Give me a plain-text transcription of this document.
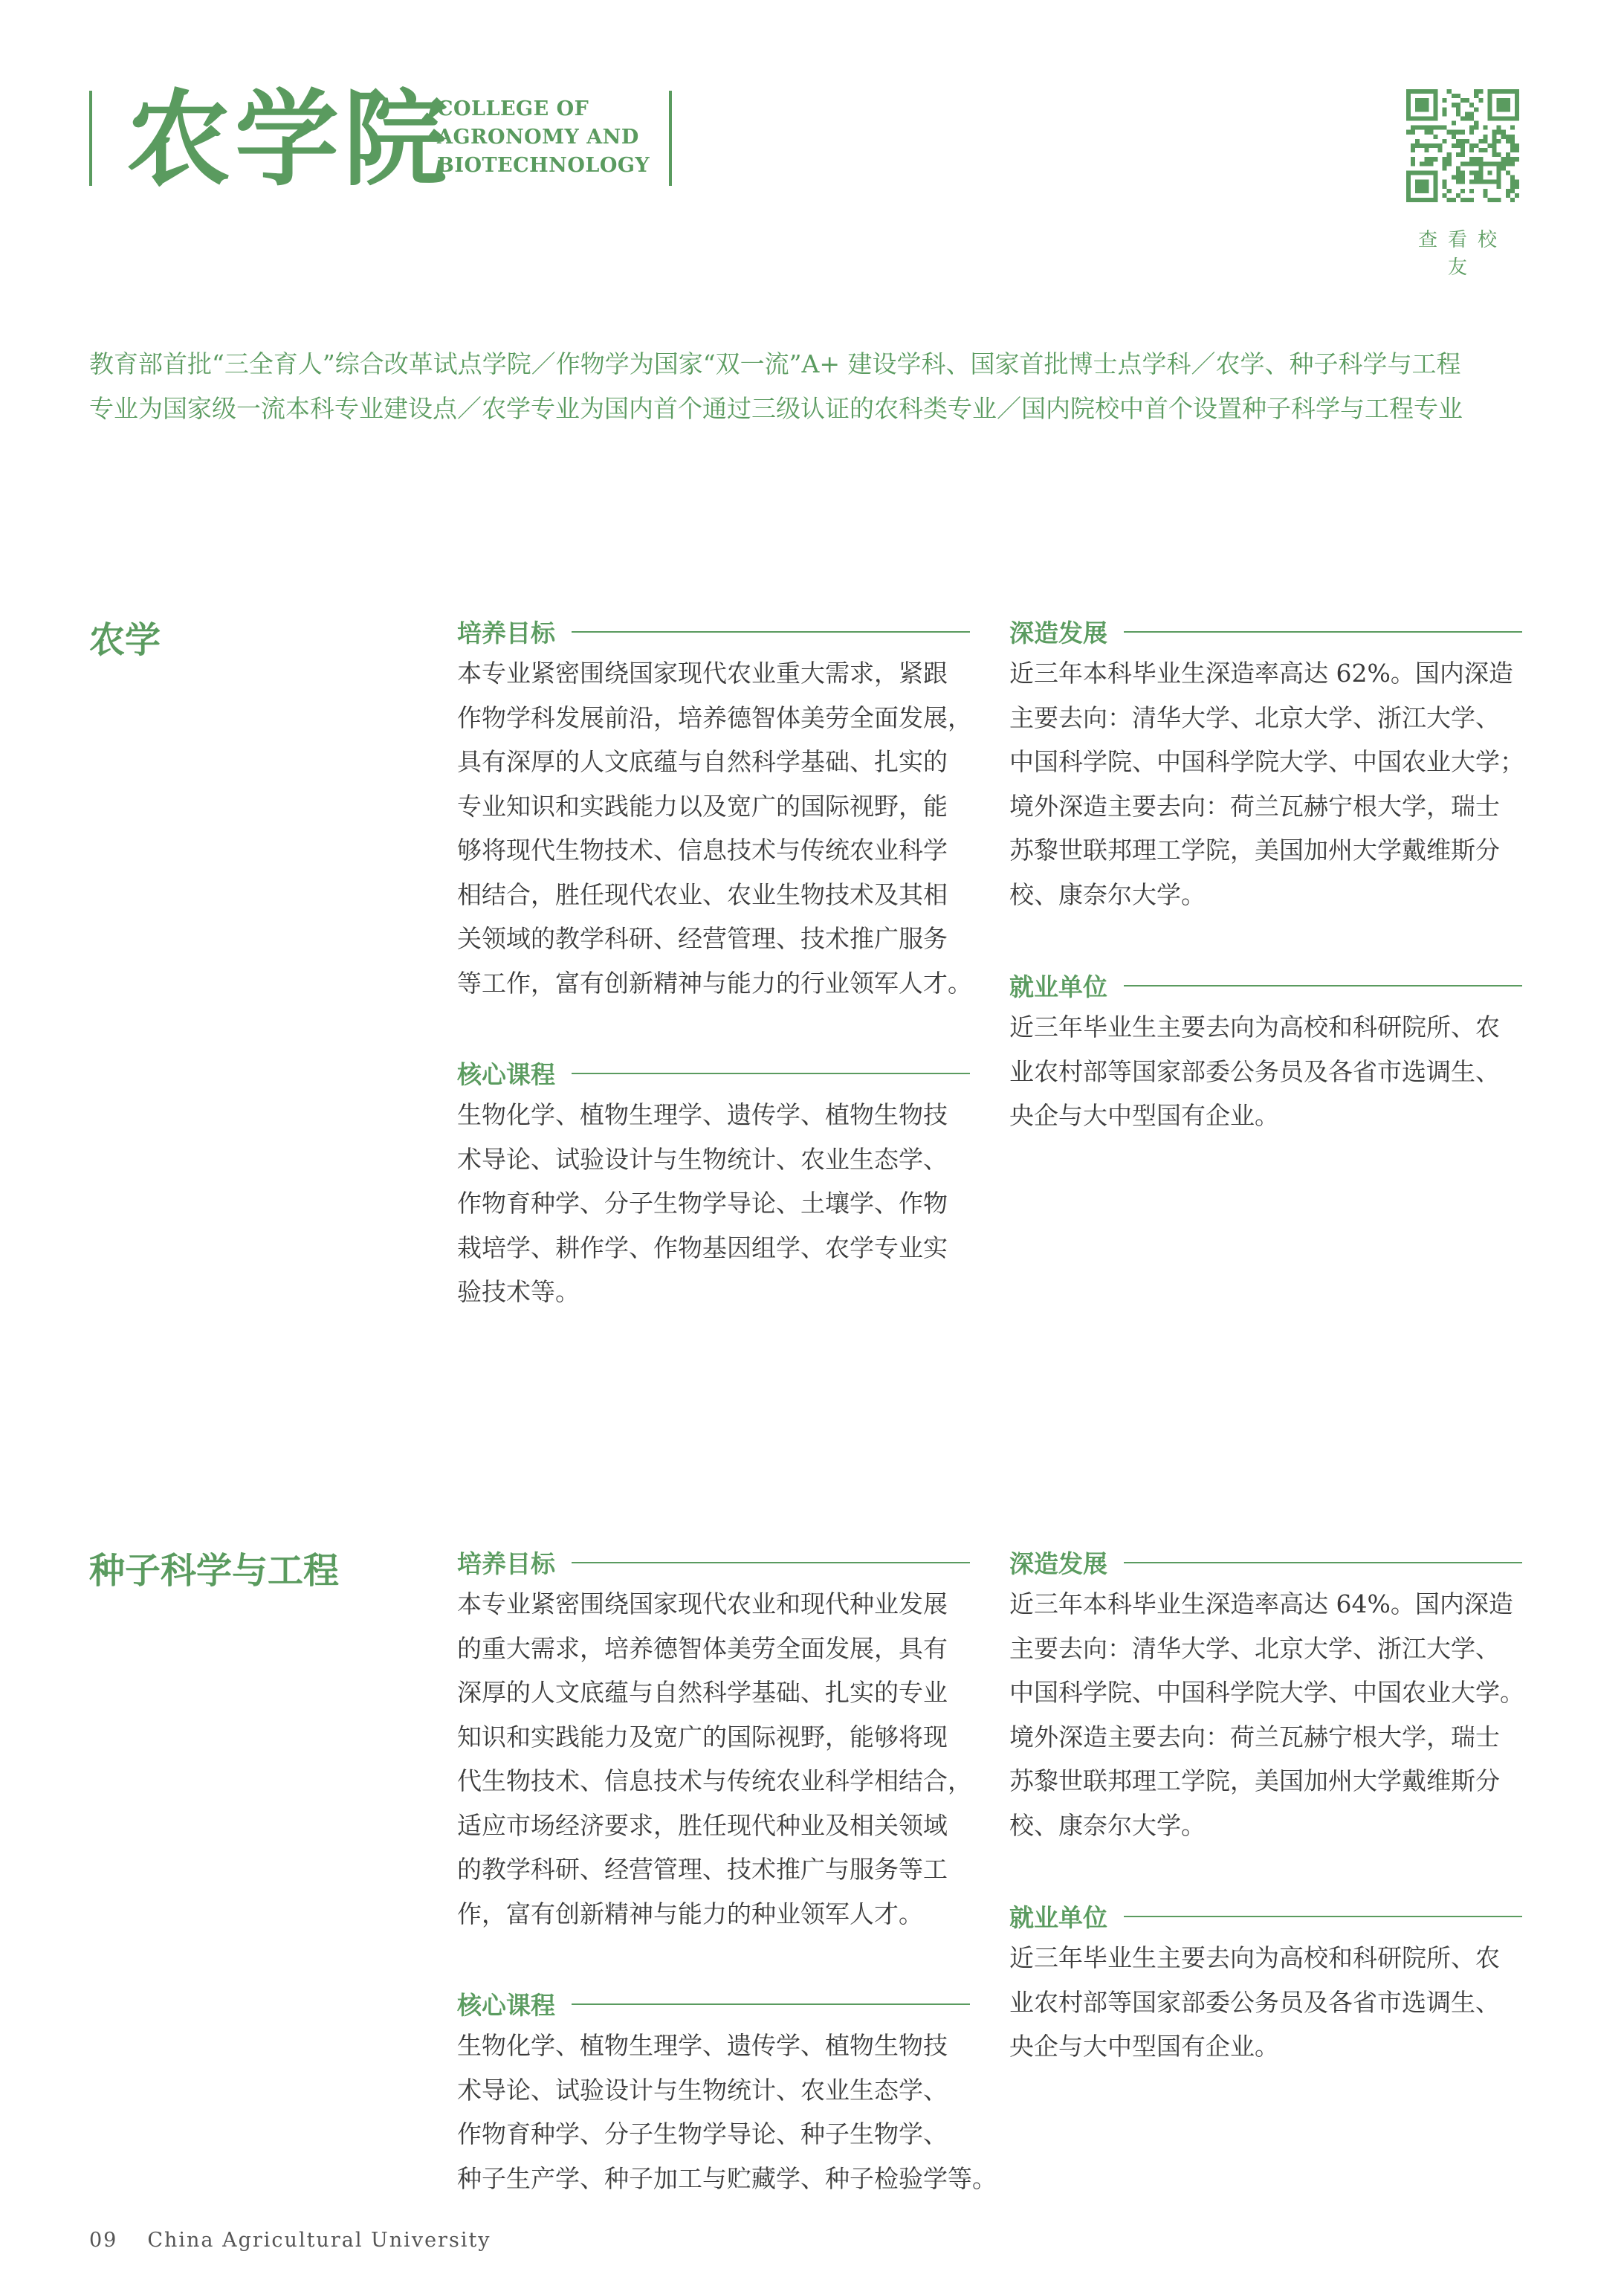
农学院
COLLEGE OF
AGRONOMY AND
BIOTECHNOLOGY
查看校友
教育部首批“三全育人”综合改革试点学院／作物学为国家“双一流”A+ 建设学科、国家首批博士点学科／农学、种子科学与工程
专业为国家级一流本科专业建设点／农学专业为国内首个通过三级认证的农科类专业／国内院校中首个设置种子科学与工程专业
农学	培养目标
本专业紧密围绕国家现代农业重大需求，紧跟
作物学科发展前沿，培养德智体美劳全面发展，
具有深厚的人文底蕴与自然科学基础、扎实的
专业知识和实践能力以及宽广的国际视野，能
够将现代生物技术、信息技术与传统农业科学
相结合，胜任现代农业、农业生物技术及其相
关领域的教学科研、经营管理、技术推广服务
等工作，富有创新精神与能力的行业领军人才。
核心课程
生物化学、植物生理学、遗传学、植物生物技
术导论、试验设计与生物统计、农业生态学、
作物育种学、分子生物学导论、土壤学、作物
栽培学、耕作学、作物基因组学、农学专业实
验技术等。
深造发展
近三年本科毕业生深造率高达 62%。国内深造
主要去向：清华大学、北京大学、浙江大学、
中国科学院、中国科学院大学、中国农业大学；
境外深造主要去向：荷兰瓦赫宁根大学，瑞士
苏黎世联邦理工学院，美国加州大学戴维斯分
校、康奈尔大学。
就业单位
近三年毕业生主要去向为高校和科研院所、农
业农村部等国家部委公务员及各省市选调生、
央企与大中型国有企业。
种子科学与工程	培养目标
本专业紧密围绕国家现代农业和现代种业发展
的重大需求，培养德智体美劳全面发展，具有
深厚的人文底蕴与自然科学基础、扎实的专业
知识和实践能力及宽广的国际视野，能够将现
代生物技术、信息技术与传统农业科学相结合，
适应市场经济要求，胜任现代种业及相关领域
的教学科研、经营管理、技术推广与服务等工
作，富有创新精神与能力的种业领军人才。
核心课程
生物化学、植物生理学、遗传学、植物生物技
术导论、试验设计与生物统计、农业生态学、
作物育种学、分子生物学导论、种子生物学、
种子生产学、种子加工与贮藏学、种子检验学等。
深造发展
近三年本科毕业生深造率高达 64%。国内深造
主要去向：清华大学、北京大学、浙江大学、
中国科学院、中国科学院大学、中国农业大学。
境外深造主要去向：荷兰瓦赫宁根大学，瑞士
苏黎世联邦理工学院，美国加州大学戴维斯分
校、康奈尔大学。
就业单位
近三年毕业生主要去向为高校和科研院所、农
业农村部等国家部委公务员及各省市选调生、
央企与大中型国有企业。
09 China Agricultural University
